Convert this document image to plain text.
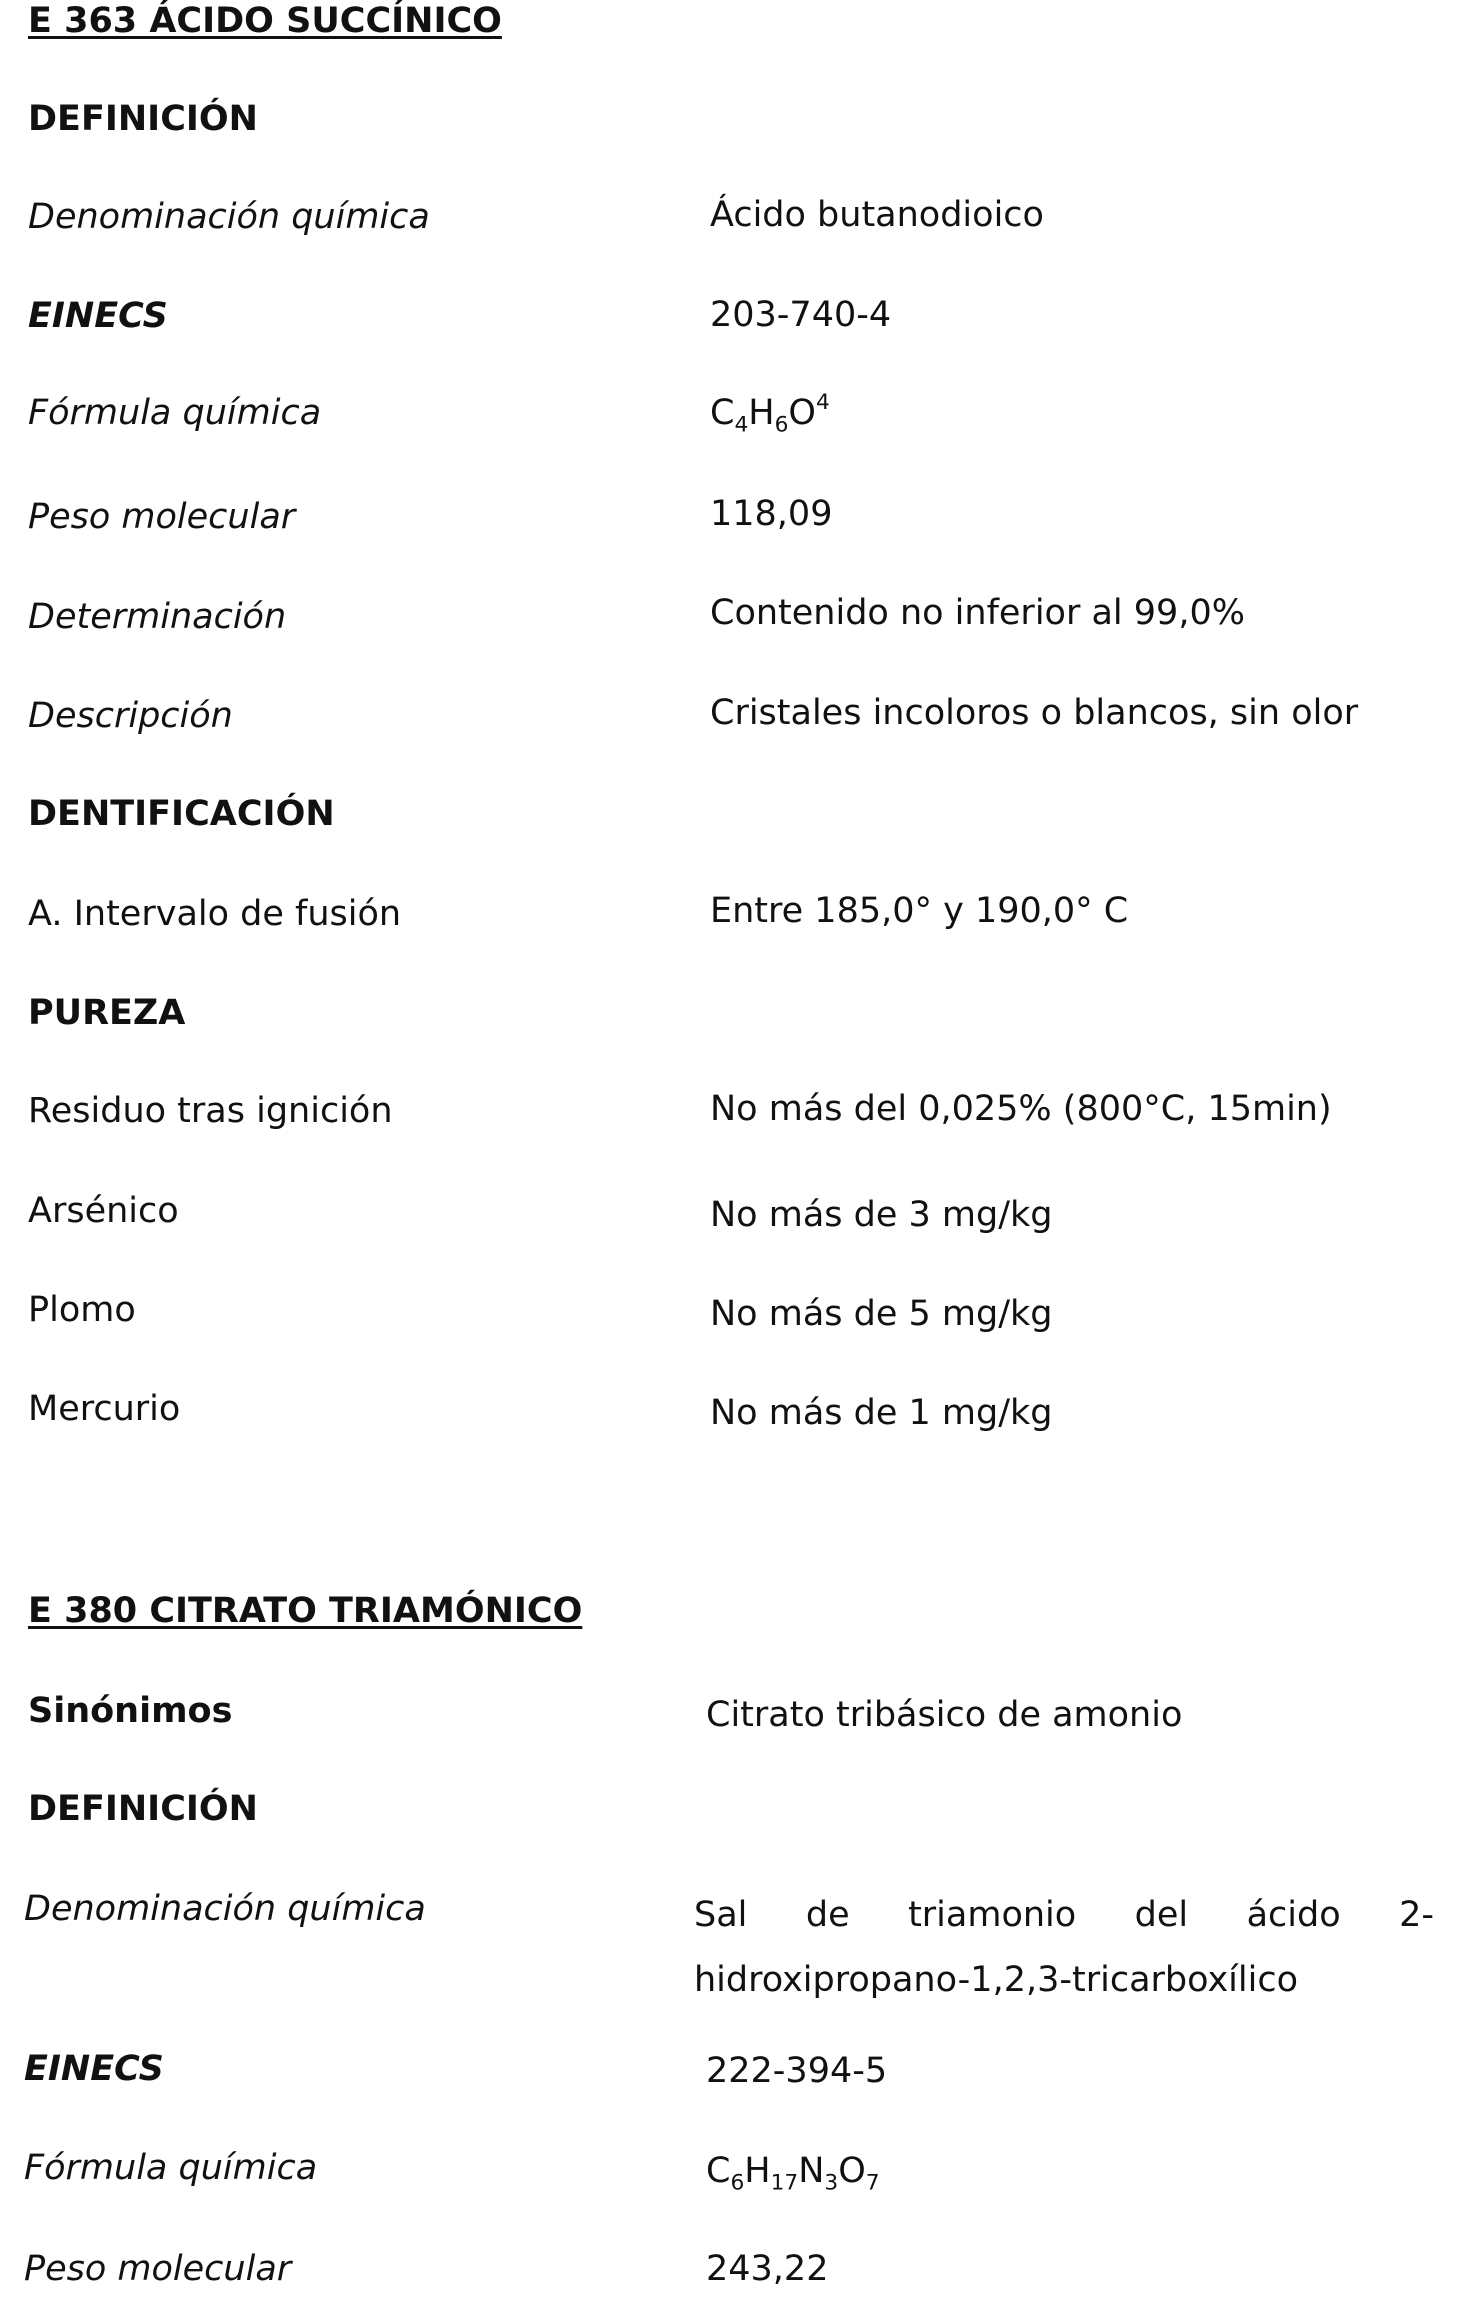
E 363 ÁCIDO SUCCÍNICO
DEFINICIÓN
Denominación química	Ácido butanodioico
EINECS	203-740-4
Fórmula química	$C_4H_6O^4$
Peso molecular	118,09
Determinación	Contenido no inferior al 99,0%
Descripción	Cristales incoloros o blancos, sin olor
DENTIFICACIÓN
A. Intervalo de fusión	Entre 185,0° y 190,0° C
PUREZA
Residuo tras ignición	No más del 0,025% (800°C, 15min)
Arsénico	No más de 3 mg/kg
Plomo	No más de 5 mg/kg
Mercurio	No más de 1 mg/kg
E 380 CITRATO TRIAMÓNICO
Sinónimos	Citrato tribásico de amonio
DEFINICIÓN
Denominación química	Sal de triamonio del ácido 2-
hidroxipropano-1,2,3-tricarboxílico
EINECS	222-394-5
Fórmula química	$C_6H_{17}N_3O_7$
Peso molecular	243,22
